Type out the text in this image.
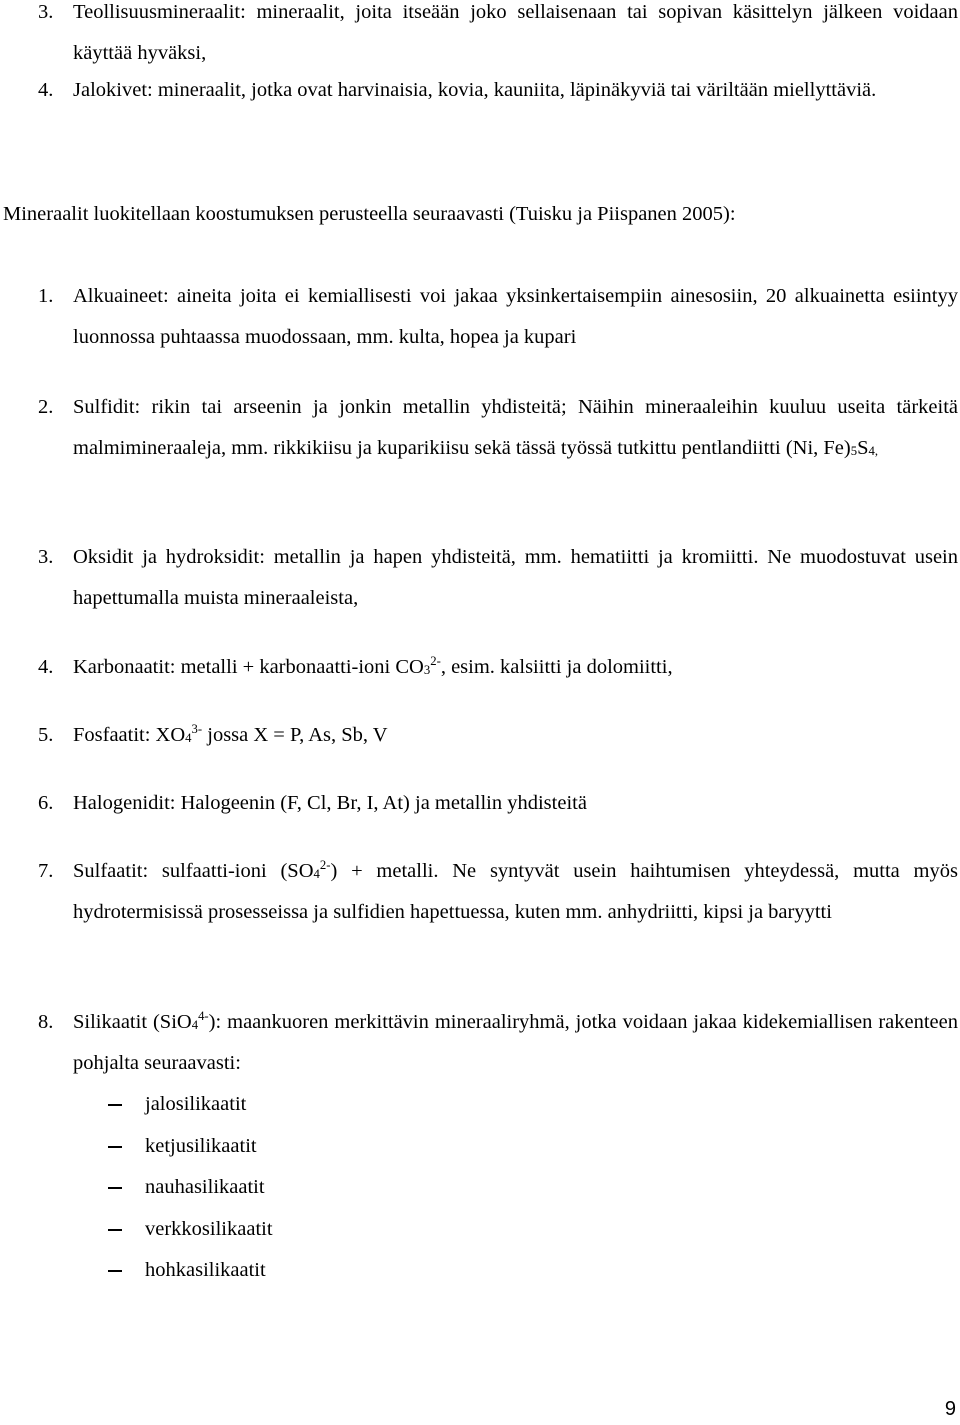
3. Teollisuusmineraalit: mineraalit, joita itseään joko sellaisenaan tai sopivan käsittelyn jälkeen voidaan käyttää hyväksi,
4. Jalokivet: mineraalit, jotka ovat harvinaisia, kovia, kauniita, läpinäkyviä tai väriltään miellyttäviä.
Mineraalit luokitellaan koostumuksen perusteella seuraavasti (Tuisku ja Piispanen 2005):
1. Alkuaineet: aineita joita ei kemiallisesti voi jakaa yksinkertaisempiin ainesosiin, 20 alkuainetta esiintyy luonnossa puhtaassa muodossaan, mm. kulta, hopea ja kupari
2. Sulfidit: rikin tai arseenin ja jonkin metallin yhdisteitä; Näihin mineraaleihin kuuluu useita tärkeitä malmimineraaleja, mm. rikkikiisu ja kuparikiisu sekä tässä työssä tutkittu pentlandiitti (Ni, $Fe)_5S_{4,}$
3. Oksidit ja hydroksidit: metallin ja hapen yhdisteitä, mm. hematiitti ja kromiitti. Ne muodostuvat usein hapettumalla muista mineraaleista,
4. Karbonaatit: metalli + karbonaatti-ioni $CO_3^{2-}$, esim. kalsiitti ja dolomiitti,
5. Fosfaatit: $XO_4^{3-}$ jossa X = P, As, Sb, V
6. Halogenidit: Halogeenin (F, Cl, Br, I, At) ja metallin yhdisteitä
7. Sulfaatit: sulfaatti-ioni $(SO_4^{2-})$ + metalli. Ne syntyvät usein haihtumisen yhteydessä, mutta myös hydrotermisissä prosesseissa ja sulfidien hapettuessa, kuten mm. anhydriitti, kipsi ja baryytti
8. Silikaatit (SiO$_4^{4-}$): maankuoren merkittävin mineraaliryhmä, jotka voidaan jakaa kidekemiallisen rakenteen pohjalta seuraavasti:
jalosilikaatit
ketjusilikaatit
nauhasilikaatit
verkkosilikaatit
hohkasilikaatit
9
